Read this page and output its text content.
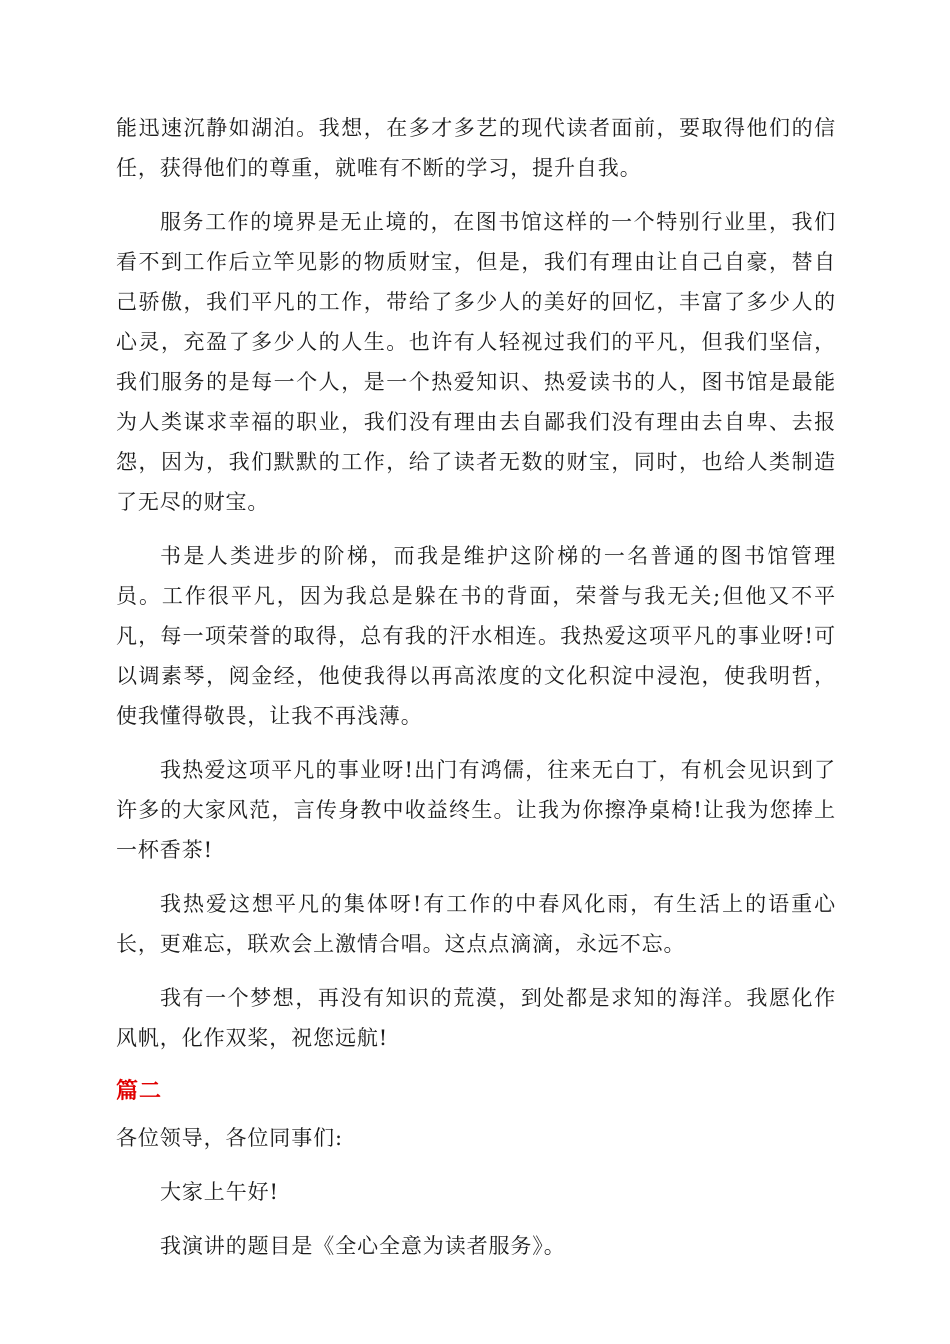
能迅速沉静如湖泊。我想，在多才多艺的现代读者面前，要取得他们的信任，获得他们的尊重，就唯有不断的学习，提升自我。

服务工作的境界是无止境的，在图书馆这样的一个特别行业里，我们看不到工作后立竿见影的物质财宝，但是，我们有理由让自己自豪，替自己骄傲，我们平凡的工作，带给了多少人的美好的回忆，丰富了多少人的心灵，充盈了多少人的人生。也许有人轻视过我们的平凡，但我们坚信，我们服务的是每一个人，是一个热爱知识、热爱读书的人，图书馆是最能为人类谋求幸福的职业，我们没有理由去自鄙我们没有理由去自卑、去报怨，因为，我们默默的工作，给了读者无数的财宝，同时，也给人类制造了无尽的财宝。

书是人类进步的阶梯，而我是维护这阶梯的一名普通的图书馆管理员。工作很平凡，因为我总是躲在书的背面，荣誉与我无关;但他又不平凡，每一项荣誉的取得，总有我的汗水相连。我热爱这项平凡的事业呀!可以调素琴，阅金经，他使我得以再高浓度的文化积淀中浸泡，使我明哲，使我懂得敬畏，让我不再浅薄。

我热爱这项平凡的事业呀!出门有鸿儒，往来无白丁，有机会见识到了许多的大家风范，言传身教中收益终生。让我为你擦净桌椅!让我为您捧上一杯香茶!

我热爱这想平凡的集体呀!有工作的中春风化雨，有生活上的语重心长，更难忘，联欢会上激情合唱。这点点滴滴，永远不忘。

我有一个梦想，再没有知识的荒漠，到处都是求知的海洋。我愿化作风帆，化作双桨，祝您远航!

篇二

各位领导，各位同事们:

大家上午好!

我演讲的题目是《全心全意为读者服务》。
